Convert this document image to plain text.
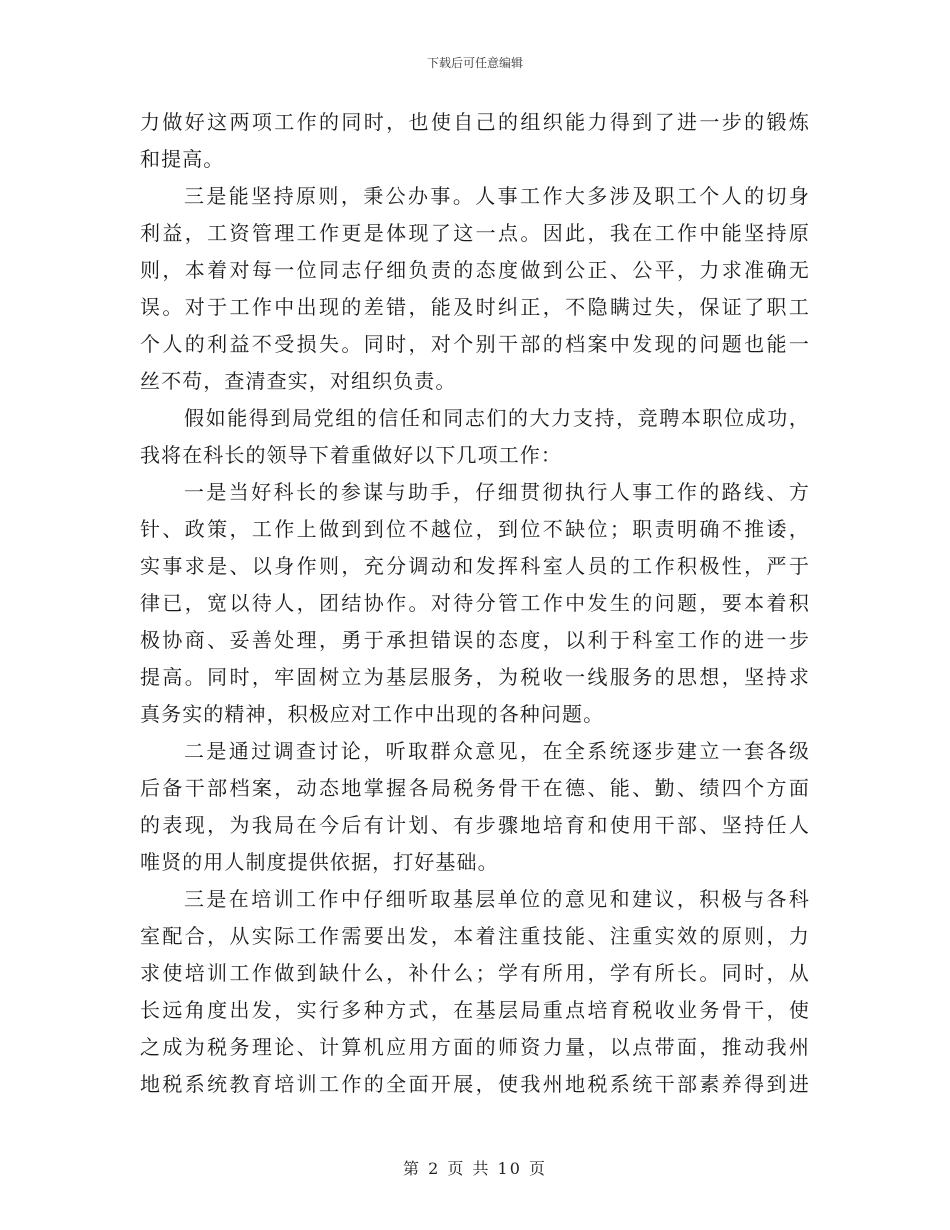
下载后可任意编辑

力做好这两项工作的同时，也使自己的组织能力得到了进一步的锻炼
和提高。

三是能坚持原则，秉公办事。人事工作大多涉及职工个人的切身
利益，工资管理工作更是体现了这一点。因此，我在工作中能坚持原
则，本着对每一位同志仔细负责的态度做到公正、公平，力求准确无
误。对于工作中出现的差错，能及时纠正，不隐瞒过失，保证了职工
个人的利益不受损失。同时，对个别干部的档案中发现的问题也能一
丝不苟，查清查实，对组织负责。

假如能得到局党组的信任和同志们的大力支持，竞聘本职位成功，
我将在科长的领导下着重做好以下几项工作：

一是当好科长的参谋与助手，仔细贯彻执行人事工作的路线、方
针、政策，工作上做到到位不越位，到位不缺位；职责明确不推诿，
实事求是、以身作则，充分调动和发挥科室人员的工作积极性，严于
律已，宽以待人，团结协作。对待分管工作中发生的问题，要本着积
极协商、妥善处理，勇于承担错误的态度，以利于科室工作的进一步
提高。同时，牢固树立为基层服务，为税收一线服务的思想，坚持求
真务实的精神，积极应对工作中出现的各种问题。

二是通过调查讨论，听取群众意见，在全系统逐步建立一套各级
后备干部档案，动态地掌握各局税务骨干在德、能、勤、绩四个方面
的表现，为我局在今后有计划、有步骤地培育和使用干部、坚持任人
唯贤的用人制度提供依据，打好基础。

三是在培训工作中仔细听取基层单位的意见和建议，积极与各科
室配合，从实际工作需要出发，本着注重技能、注重实效的原则，力
求使培训工作做到缺什么，补什么；学有所用，学有所长。同时，从
长远角度出发，实行多种方式，在基层局重点培育税收业务骨干，使
之成为税务理论、计算机应用方面的师资力量，以点带面，推动我州
地税系统教育培训工作的全面开展，使我州地税系统干部素养得到进

第 2 页 共 10 页
